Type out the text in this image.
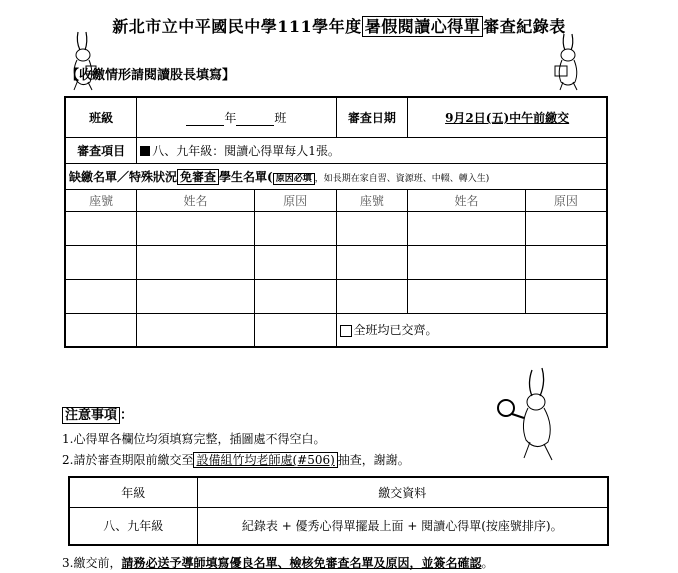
新北市立中平國民中學111學年度 暑假閱讀心得單 審查紀錄表
【收繳情形請閱讀股長填寫】
班級	年 班		審查日期	9月2日(五)中午前繳交	
審查項目	八、九年級：閱讀心得單每人1張。				
缺繳名單／特殊狀況 免審查 學生名單( 原因必填 ，如長期在家自習、資源班、中輟、轉入生)					
座號	姓名	原因	座號	姓名	原因

			全班均已交齊。		
注意事項 ：
1.心得單各欄位均須填寫完整，插圖處不得空白。
2.請於審查期限前繳交至 設備組竹均老師處(#506) 抽查，謝謝。
年級	繳交資料
八、九年級	紀錄表 + 優秀心得單擺最上面 + 閱讀心得單(按座號排序)。
3.繳交前，請務必送予導師填寫優良名單、檢核免審查名單及原因，並簽名確認。
